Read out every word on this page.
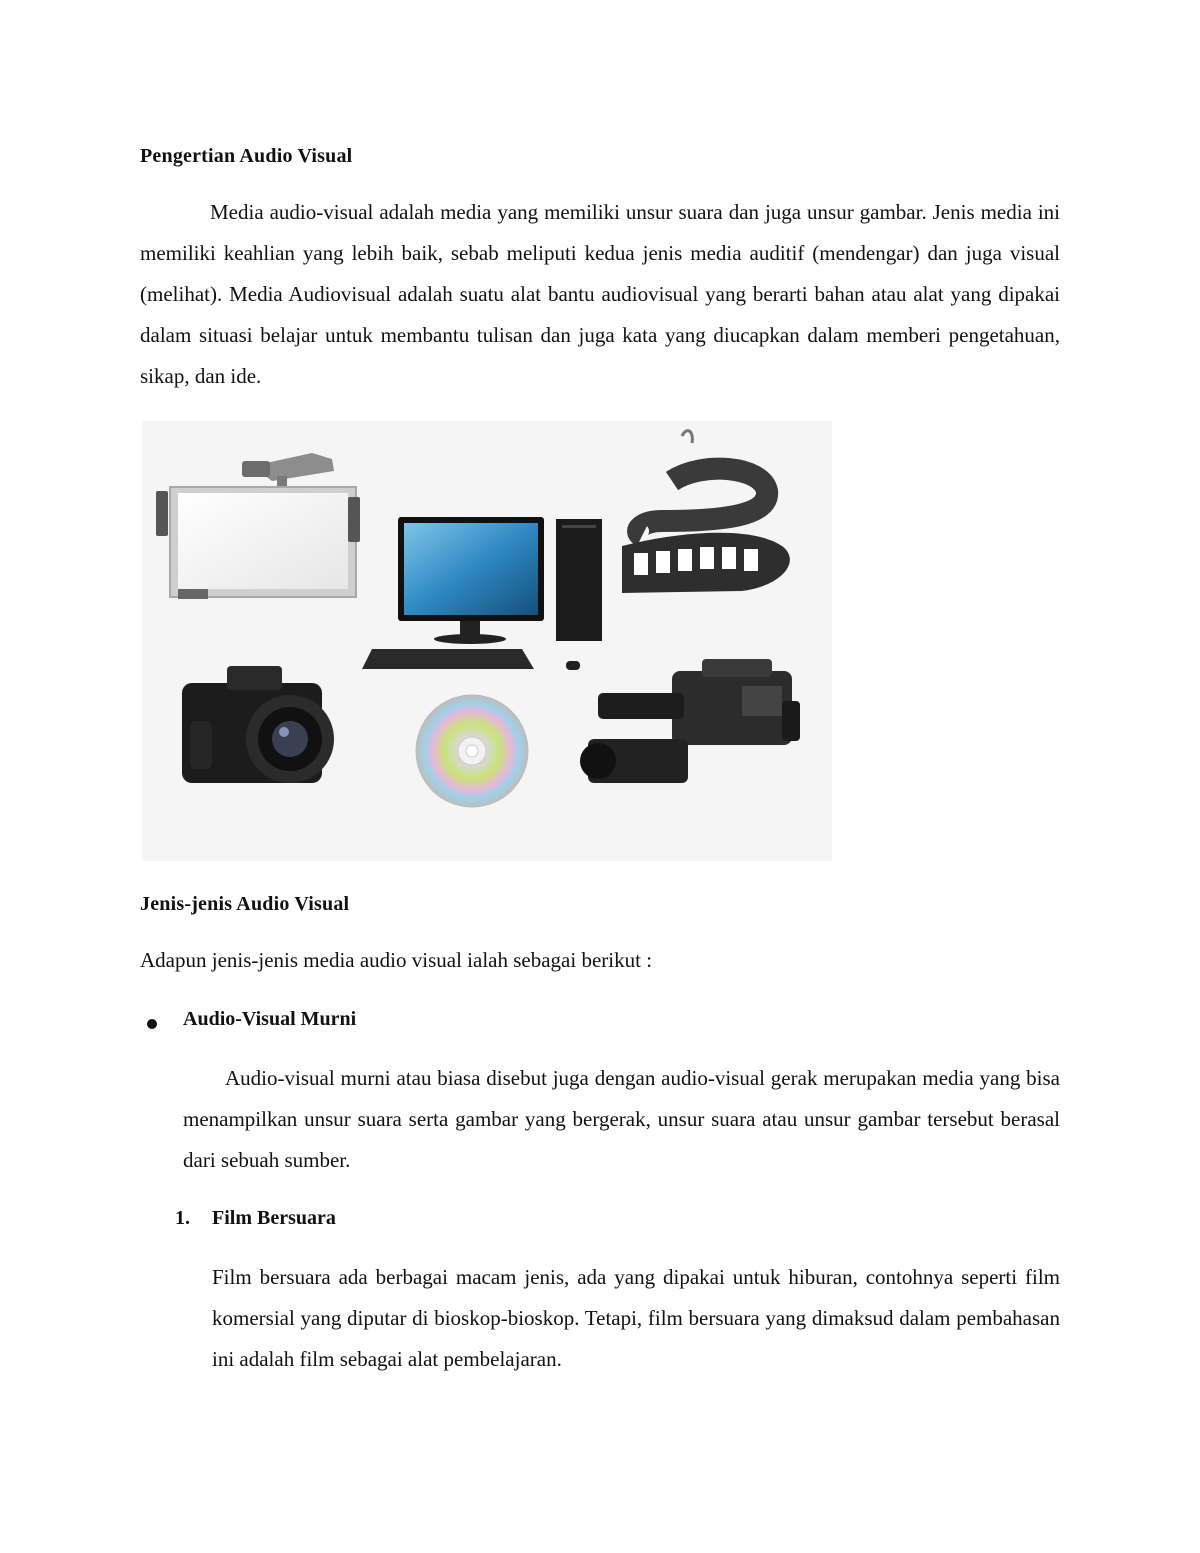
Pengertian Audio Visual
Media audio-visual adalah media yang memiliki unsur suara dan juga unsur gambar. Jenis media ini memiliki keahlian yang lebih baik, sebab meliputi kedua jenis media auditif (mendengar) dan juga visual (melihat). Media Audiovisual adalah suatu alat bantu audiovisual yang berarti bahan atau alat yang dipakai dalam situasi belajar untuk membantu tulisan dan juga kata yang diucapkan dalam memberi pengetahuan, sikap, dan ide.
Jenis-jenis Audio Visual
Adapun jenis-jenis media audio visual ialah sebagai berikut :
Audio-Visual Murni
Audio-visual murni atau biasa disebut juga dengan audio-visual gerak merupakan media yang bisa menampilkan unsur suara serta gambar yang bergerak, unsur suara atau unsur gambar tersebut berasal dari sebuah sumber.
1. Film Bersuara
Film bersuara ada berbagai macam jenis, ada yang dipakai untuk hiburan, contohnya seperti film komersial yang diputar di bioskop-bioskop. Tetapi, film bersuara yang dimaksud dalam pembahasan ini adalah film sebagai alat pembelajaran.
